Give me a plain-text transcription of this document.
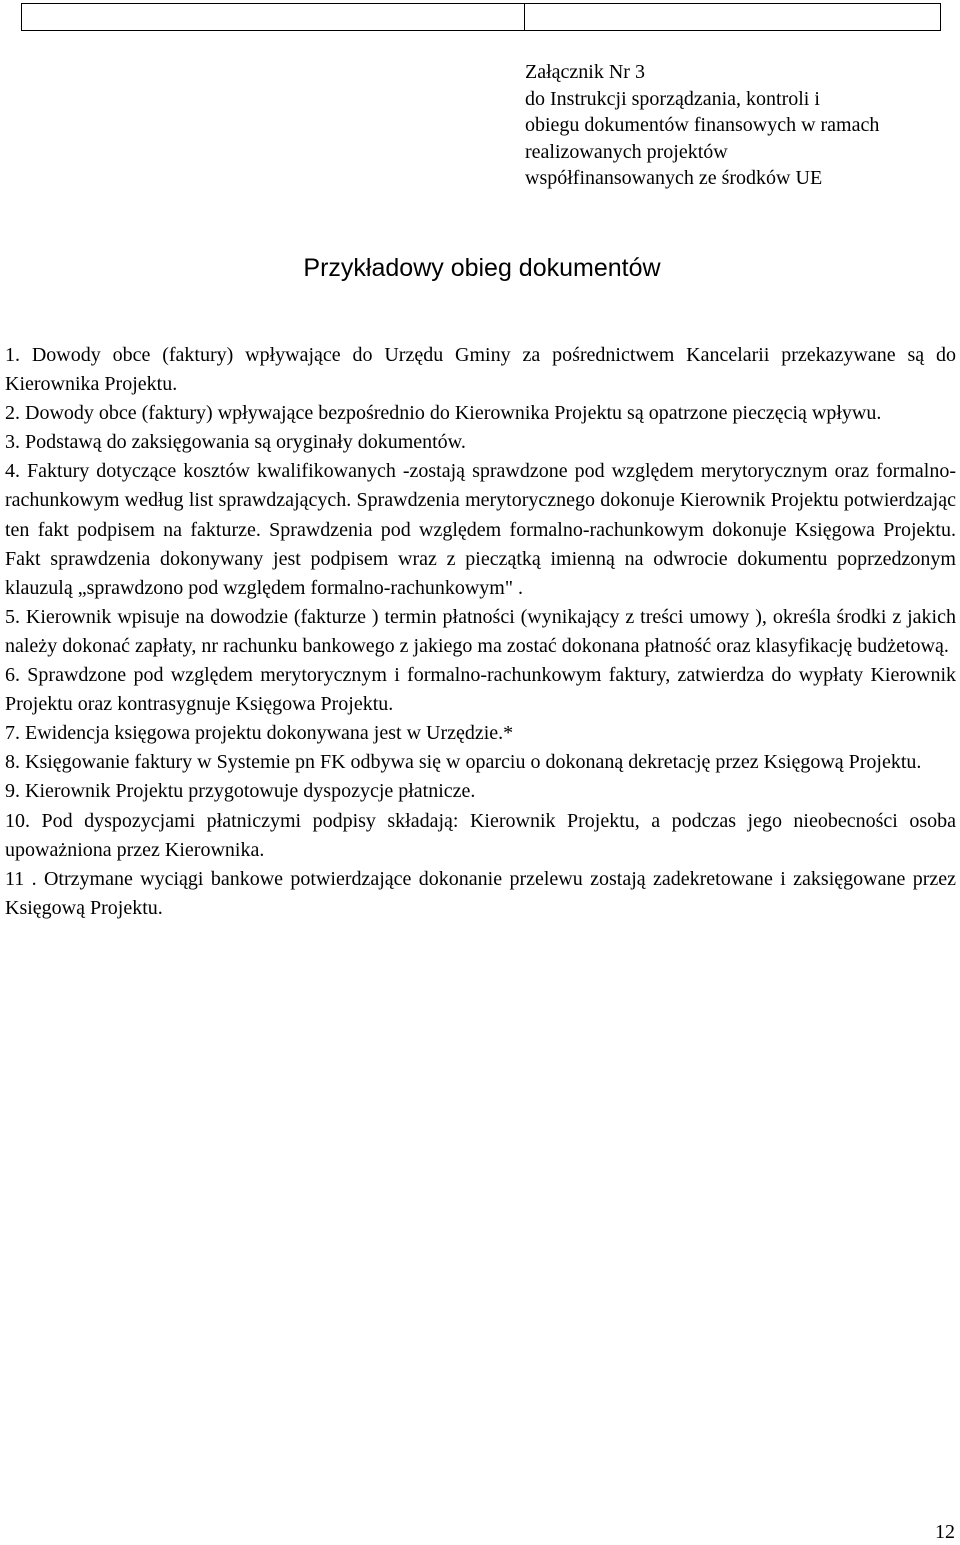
Załącznik Nr 3
do Instrukcji sporządzania, kontroli i
obiegu dokumentów finansowych w ramach
realizowanych projektów
współfinansowanych ze środków UE
Przykładowy obieg dokumentów

1. Dowody obce (faktury) wpływające do Urzędu Gminy za pośrednictwem Kancelarii przekazywane są do Kierownika Projektu.

2. Dowody obce (faktury) wpływające bezpośrednio do Kierownika Projektu są opatrzone pieczęcią wpływu.

3. Podstawą do zaksięgowania są oryginały dokumentów.

4. Faktury dotyczące kosztów kwalifikowanych -zostają sprawdzone pod względem merytorycznym oraz formalno-rachunkowym według list sprawdzających. Sprawdzenia merytorycznego dokonuje Kierownik Projektu potwierdzając ten fakt podpisem na fakturze. Sprawdzenia pod względem formalno-rachunkowym dokonuje Księgowa Projektu. Fakt sprawdzenia dokonywany jest podpisem wraz z pieczątką imienną na odwrocie dokumentu poprzedzonym klauzulą „sprawdzono pod względem formalno-rachunkowym" .

5. Kierownik wpisuje na dowodzie (fakturze ) termin płatności (wynikający z treści umowy ), określa środki z jakich należy dokonać zapłaty, nr rachunku bankowego z jakiego ma zostać dokonana płatność oraz klasyfikację budżetową.

6. Sprawdzone pod względem merytorycznym i formalno-rachunkowym faktury, zatwierdza do wypłaty Kierownik Projektu oraz kontrasygnuje Księgowa Projektu.

7. Ewidencja księgowa projektu dokonywana jest w Urzędzie.*

8. Księgowanie faktury w Systemie pn FK odbywa się w oparciu o dokonaną dekretację przez Księgową Projektu.

9. Kierownik Projektu przygotowuje dyspozycje płatnicze.

10. Pod dyspozycjami płatniczymi podpisy składają: Kierownik Projektu, a podczas jego nieobecności osoba upoważniona przez Kierownika.

11 . Otrzymane wyciągi bankowe potwierdzające dokonanie przelewu zostają zadekretowane i zaksięgowane przez Księgową Projektu.

12
